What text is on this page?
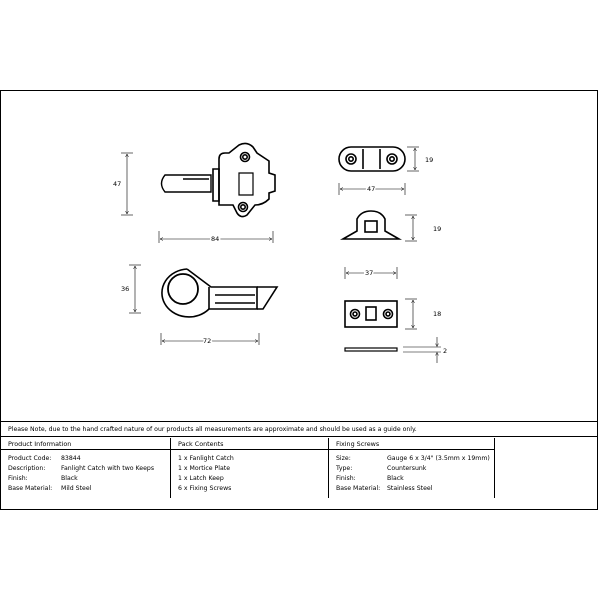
47
84
36
72
19
47
19
37
18
2
Please Note, due to the hand crafted nature of our products all measurements are approximate and should be used as a guide only.
Product Information
Product Code: 83844
Description:	Fanlight Catch with two Keeps
Finish:	Black
Base Material: Mild Steel
Pack Contents
1 x Fanlight Catch
1 x Mortice Plate
1 x Latch Keep
6 x Fixing Screws
Fixing Screws
Size:	Gauge 6 x 3/4" (3.5mm x 19mm)
Type:	Countersunk
Finish:	Black
Base Material: Stainless Steel
